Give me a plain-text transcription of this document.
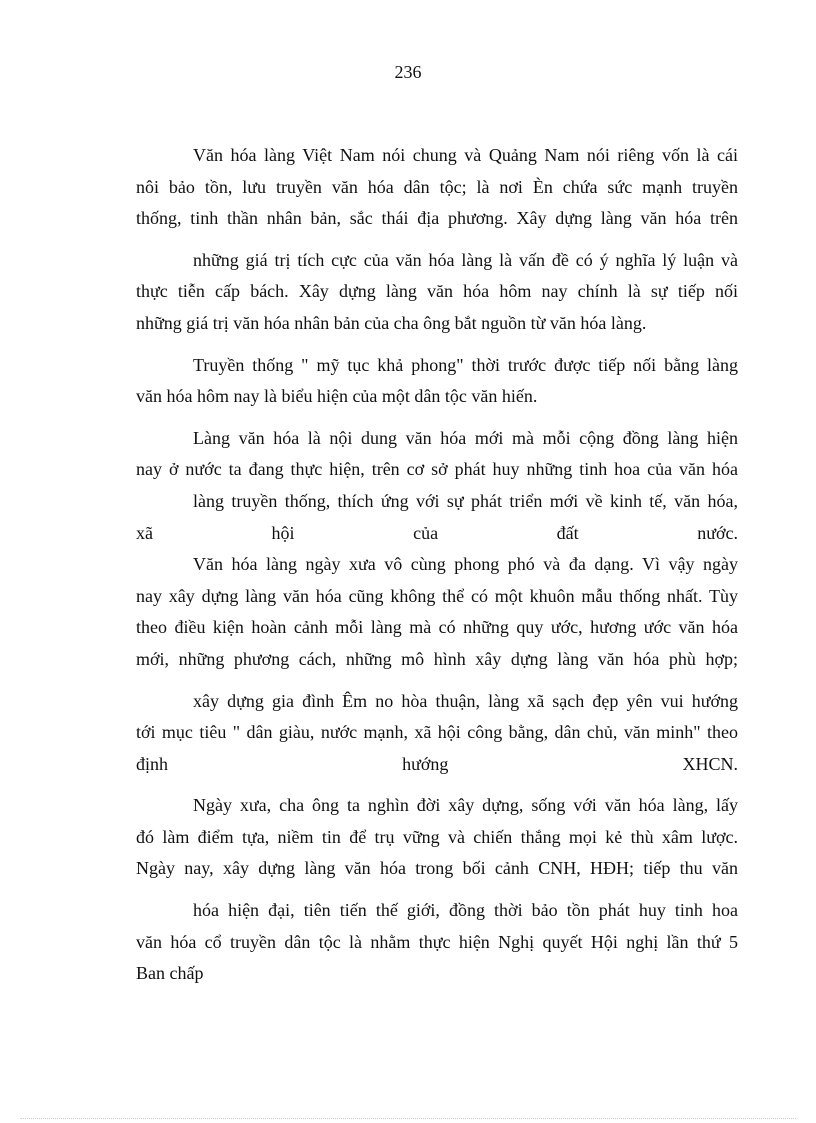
236
Văn hóa làng Việt Nam nói chung và Quảng Nam nói riêng vốn là cái
nôi bảo tồn, lưu truyền văn hóa dân tộc; là nơi Èn chứa sức mạnh truyền
thống, tinh thần nhân bản, sắc thái địa phương. Xây dựng làng văn hóa trên
những giá trị tích cực của văn hóa làng là vấn đề có ý nghĩa lý luận và
thực tiễn cấp bách. Xây dựng làng văn hóa hôm nay chính là sự tiếp nối
những giá trị văn hóa nhân bản của cha ông bắt nguồn từ văn hóa làng.
Truyền thống " mỹ tục khả phong" thời trước được tiếp nối bằng làng
văn hóa hôm nay là biểu hiện của một dân tộc văn hiến.
Làng văn hóa là nội dung văn hóa mới mà mỗi cộng đồng làng hiện
nay ở nước ta đang thực hiện, trên cơ sở phát huy những tinh hoa của văn hóa
làng truyền thống, thích ứng với sự phát triển mới về kinh tế, văn hóa,
xã hội của đất nước.
Văn hóa làng ngày xưa vô cùng phong phó và đa dạng. Vì vậy ngày
nay xây dựng làng văn hóa cũng không thể có một khuôn mẫu thống nhất. Tùy
theo điều kiện hoàn cảnh mỗi làng mà có những quy ước, hương ước văn hóa
mới, những phương cách, những mô hình xây dựng làng văn hóa phù hợp;
xây dựng gia đình Êm no hòa thuận, làng xã sạch đẹp yên vui hướng
tới mục tiêu " dân giàu, nước mạnh, xã hội công bằng, dân chủ, văn minh" theo
định hướng XHCN.
Ngày xưa, cha ông ta nghìn đời xây dựng, sống với văn hóa làng, lấy
đó làm điểm tựa, niềm tin để trụ vững và chiến thắng mọi kẻ thù xâm lược.
Ngày nay, xây dựng làng văn hóa trong bối cảnh CNH, HĐH; tiếp thu văn
hóa hiện đại, tiên tiến thế giới, đồng thời bảo tồn phát huy tinh hoa
văn hóa cổ truyền dân tộc là nhằm thực hiện Nghị quyết Hội nghị lần thứ 5
Ban chấp
